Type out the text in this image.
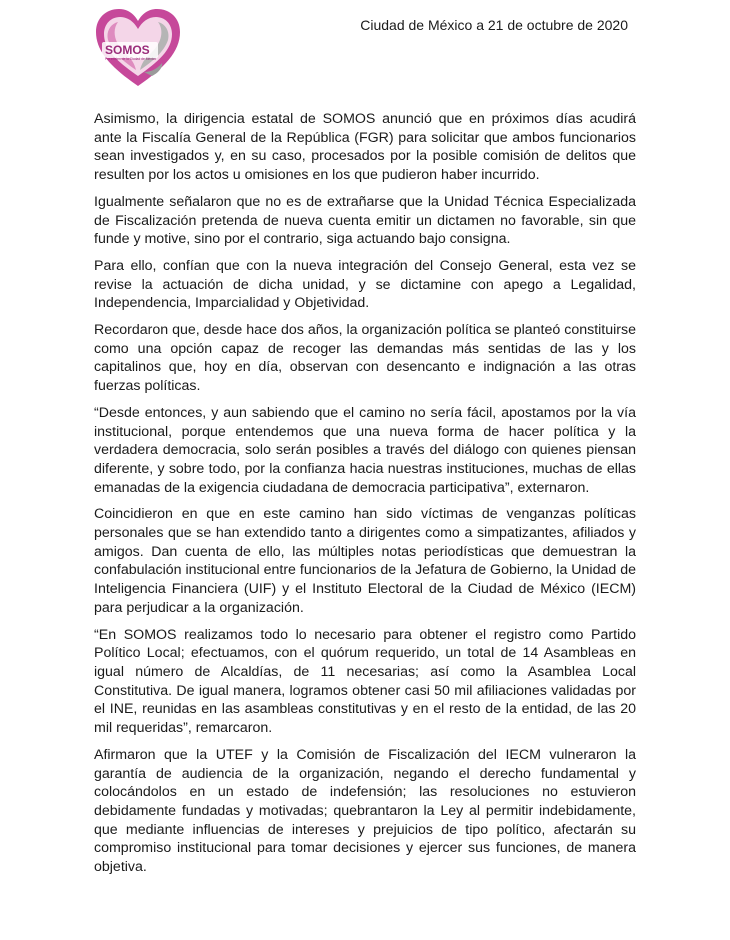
SOMOS
Por el bien de la Ciudad de México
Ciudad de México a 21 de octubre de 2020

Asimismo, la dirigencia estatal de SOMOS anunció que en próximos días acudirá ante la Fiscalía General de la República (FGR) para solicitar que ambos funcionarios sean investigados y, en su caso, procesados por la posible comisión de delitos que resulten por los actos u omisiones en los que pudieron haber incurrido.

Igualmente señalaron que no es de extrañarse que la Unidad Técnica Especializada de Fiscalización pretenda de nueva cuenta emitir un dictamen no favorable, sin que funde y motive, sino por el contrario, siga actuando bajo consigna.

Para ello, confían que con la nueva integración del Consejo General, esta vez se revise la actuación de dicha unidad, y se dictamine con apego a Legalidad, Independencia, Imparcialidad y Objetividad.

Recordaron que, desde hace dos años, la organización política se planteó constituirse como una opción capaz de recoger las demandas más sentidas de las y los capitalinos que, hoy en día, observan con desencanto e indignación a las otras fuerzas políticas.

“Desde entonces, y aun sabiendo que el camino no sería fácil, apostamos por la vía institucional, porque entendemos que una nueva forma de hacer política y la verdadera democracia, solo serán posibles a través del diálogo con quienes piensan diferente, y sobre todo, por la confianza hacia nuestras instituciones, muchas de ellas emanadas de la exigencia ciudadana de democracia participativa”, externaron.

Coincidieron en que en este camino han sido víctimas de venganzas políticas personales que se han extendido tanto a dirigentes como a simpatizantes, afiliados y amigos. Dan cuenta de ello, las múltiples notas periodísticas que demuestran la confabulación institucional entre funcionarios de la Jefatura de Gobierno, la Unidad de Inteligencia Financiera (UIF) y el Instituto Electoral de la Ciudad de México (IECM) para perjudicar a la organización.

“En SOMOS realizamos todo lo necesario para obtener el registro como Partido Político Local; efectuamos, con el quórum requerido, un total de 14 Asambleas en igual número de Alcaldías, de 11 necesarias; así como la Asamblea Local Constitutiva. De igual manera, logramos obtener casi 50 mil afiliaciones validadas por el INE, reunidas en las asambleas constitutivas y en el resto de la entidad, de las 20 mil requeridas”, remarcaron.

Afirmaron que la UTEF y la Comisión de Fiscalización del IECM vulneraron la garantía de audiencia de la organización, negando el derecho fundamental y colocándolos en un estado de indefensión; las resoluciones no estuvieron debidamente fundadas y motivadas; quebrantaron la Ley al permitir indebidamente, que mediante influencias de intereses y prejuicios de tipo político, afectarán su compromiso institucional para tomar decisiones y ejercer sus funciones, de manera objetiva.
